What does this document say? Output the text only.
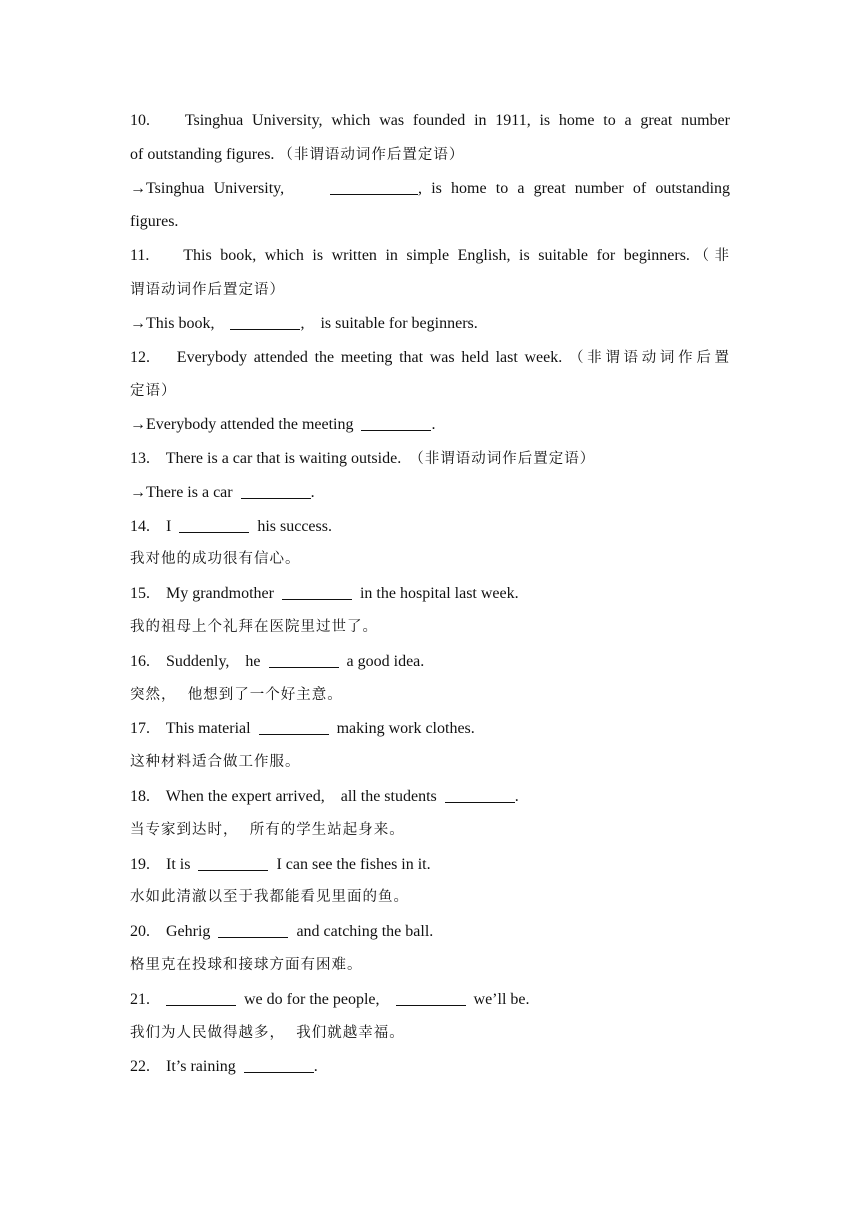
10. Tsinghua University, which was founded in 1911, is home to a great number
of outstanding figures. （非谓语动词作后置定语）
→Tsinghua University,	, is home to a great number of outstanding
figures.
11. This book, which is written in simple English, is suitable for beginners.（非
谓语动词作后置定语）
→This book,	,    is suitable for beginners.
12. Everybody attended the meeting that was held last week. （非谓语动词作后置
定语）
→Everybody attended the meeting	.
13. There is a car that is waiting outside. （非谓语动词作后置定语）
→There is a car	.
14. I	his success.
我对他的成功很有信心。
15. My grandmother	in the hospital last week.
我的祖母上个礼拜在医院里过世了。
16. Suddenly,    he	a good idea.
突然，  他想到了一个好主意。
17. This material	making work clothes.
这种材料适合做工作服。
18. When the expert arrived,    all the students	.
当专家到达时，  所有的学生站起身来。
19. It is	I can see the fishes in it.
水如此清澈以至于我都能看见里面的鱼。
20. Gehrig	and catching the ball.
格里克在投球和接球方面有困难。
21.	we do for the people,	we’ll be.
我们为人民做得越多，  我们就越幸福。
22. It’s raining	.
